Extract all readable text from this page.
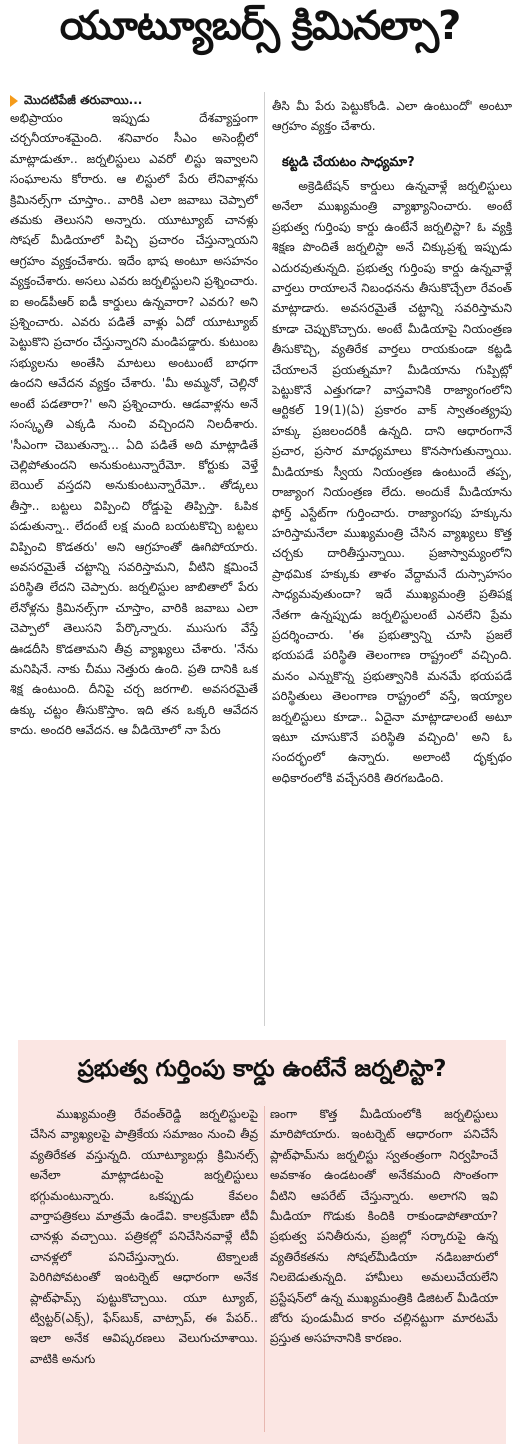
యూట్యూబర్స్ క్రిమినల్సా?
మొదటిపేజీ తరువాయి...

అభిప్రాయం ఇప్పుడు దేశవ్యాప్తంగా చర్చనీయాంశమైంది. శనివారం సీఎం అసెంబ్లీలో మాట్లాడుతూ.. జర్నలిస్టులు ఎవరో లిస్టు ఇవ్వాలని సంఘాలను కోరారు. ఆ లిస్టులో పేరు లేనివాళ్లను క్రిమినల్స్‌గా చూస్తాం.. వారికి ఎలా జవాబు చెప్పాలో తమకు తెలుసని అన్నారు. యూట్యూబ్ చానళ్లు సోషల్ మీడియాలో పిచ్చి ప్రచారం చేస్తున్నాయని ఆగ్రహం వ్యక్తంచేశారు. ఇదేం భాష అంటూ అసహనం వ్యక్తంచేశారు. అసలు ఎవరు జర్నలిస్టులని ప్రశ్నించారు. ఐ అండ్‌పీఆర్ ఐడీ కార్డులు ఉన్నవారా? ఎవరు? అని ప్రశ్నించారు. ఎవరు పడితే వాళ్లు ఏదో యూట్యూబ్ పెట్టుకొని ప్రచారం చేస్తున్నారని మండిపడ్డారు. కుటుంబ సభ్యులను అంతేసి మాటలు అంటుంటే బాధగా ఉందని ఆవేదన వ్యక్తం చేశారు. 'మీ అమ్మనో, చెల్లినో అంటే పడతారా?' అని ప్రశ్నించారు. ఆడవాళ్లను అనే సంస్కృతి ఎక్కడి నుంచి వచ్చిందని నిలదీశారు. 'సీఎంగా చెబుతున్నా... ఏది పడితే అది మాట్లాడితే చెల్లిపోతుందని అనుకుంటున్నారేమో. కోర్టుకు వెళ్తే బెయిల్ వస్తదని అనుకుంటున్నారేమో.. తోడ్కలు తీస్తా.. బట్టలు విప్పించి రోడ్డుపై తిప్పిస్తా. ఓపిక పడుతున్నా.. లేదంటే లక్ష మంది బయటకొచ్చి బట్టలు విప్పించి కొడతరు' అని ఆగ్రహంతో ఊగిపోయారు. అవసరమైతే చట్టాన్ని సవరిస్తామని, వీటిని క్షమించే పరిస్థితి లేదని చెప్పారు. జర్నలిస్టుల జాబితాలో పేరు లేనోళ్లను క్రిమినల్స్‌గా చూస్తాం, వారికి జవాబు ఎలా చెప్పాలో తెలుసని పేర్కొన్నారు. ముసుగు వేస్తే ఊడదీసి కొడతామని తీవ్ర వ్యాఖ్యలు చేశారు. 'నేను మనిషినే. నాకు చీము నెత్తురు ఉంది. ప్రతి దానికి ఒక శిక్ష ఉంటుంది. దీనిపై చర్చ జరగాలి. అవసరమైతే ఉక్కు చట్టం తీసుకొస్తాం. ఇది తన ఒక్కరి ఆవేదన కాదు. అందరి ఆవేదన. ఆ వీడియోలో నా పేరు

తీసి మీ పేరు పెట్టుకోండి. ఎలా ఉంటుందో' అంటూ ఆగ్రహం వ్యక్తం చేశారు.

కట్టడి చేయటం సాధ్యమా?

అక్రెడిటేషన్ కార్డులు ఉన్నవాళ్లే జర్నలిస్టులు అనేలా ముఖ్యమంత్రి వ్యాఖ్యానించారు. అంటే ప్రభుత్వ గుర్తింపు కార్డు ఉంటేనే జర్నలిస్టా? ఓ వ్యక్తి శిక్షణ పొందితే జర్నలిస్టా అనే చిక్కుప్రశ్న ఇప్పుడు ఎదురవుతున్నది. ప్రభుత్వ గుర్తింపు కార్డు ఉన్నవాళ్లే వార్తలు రాయాలనే నిబంధనను తీసుకొచ్చేలా రేవంత్ మాట్లాడారు. అవసరమైతే చట్టాన్ని సవరిస్తామని కూడా చెప్పుకొచ్చారు. అంటే మీడియాపై నియంత్రణ తీసుకొచ్చి, వ్యతిరేక వార్తలు రాయకుండా కట్టడి చేయాలనే ప్రయత్నమా? మీడియాను గుప్పిట్లో పెట్టుకొనే ఎత్తుగడా? వాస్తవానికి రాజ్యాంగంలోని ఆర్టికల్ 19(1)(ఏ) ప్రకారం వాక్ స్వాతంత్య్రపు హక్కు ప్రజలందరికీ ఉన్నది. దాని ఆధారంగానే ప్రచార, ప్రసార మాధ్యమాలు కొనసాగుతున్నాయి. మీడియాకు స్వీయ నియంత్రణ ఉంటుందే తప్ప, రాజ్యాంగ నియంత్రణ లేదు. అందుకే మీడియాను ఫోర్త్ ఎస్టేట్‌గా గుర్తించారు. రాజ్యాంగపు హక్కును హరిస్తామనేలా ముఖ్యమంత్రి చేసిన వ్యాఖ్యలు కొత్త చర్చకు దారితీస్తున్నాయి. ప్రజాస్వామ్యంలోని ప్రాథమిక హక్కుకు తాళం వేద్దామనే దుస్సాహసం సాధ్యమవుతుందా? ఇదే ముఖ్యమంత్రి ప్రతిపక్ష నేతగా ఉన్నప్పుడు జర్నలిస్టులంటే ఎనలేని ప్రేమ ప్రదర్శించారు. 'ఈ ప్రభుత్వాన్ని చూసి ప్రజలే భయపడే పరిస్థితి తెలంగాణ రాష్ట్రంలో వచ్చింది. మనం ఎన్నుకొన్న ప్రభుత్వానికి మనమే భయపడే పరిస్థితులు తెలంగాణ రాష్ట్రంలో వస్తే, ఇయ్యాల జర్నలిస్టులు కూడా.. ఏదైనా మాట్లాడాలంటే అటూ ఇటూ చూసుకొనే పరిస్థితి వచ్చింది' అని ఓ సందర్భంలో ఉన్నారు. అలాంటి దృక్పథం అధికారంలోకి వచ్చేసరికి తిరగబడింది.

ప్రభుత్వ గుర్తింపు కార్డు ఉంటేనే జర్నలిస్టా?

ముఖ్యమంత్రి రేవంత్‌రెడ్డి జర్నలిస్టులపై చేసిన వ్యాఖ్యలపై పాత్రికేయ సమాజం నుంచి తీవ్ర వ్యతిరేకత వస్తున్నది. యూట్యూబర్లు క్రిమినల్స్ అనేలా మాట్లాడటంపై జర్నలిస్టులు భగ్గుమంటున్నారు. ఒకప్పుడు కేవలం వార్తాపత్రికలు మాత్రమే ఉండేవి. కాలక్రమేణా టీవీ చానళ్లు వచ్చాయి. పత్రికల్లో పనిచేసినవాళ్లే టీవీ చానళ్లలో పనిచేస్తున్నారు. టెక్నాలజీ పెరిగిపోవటంతో ఇంటర్నెట్ ఆధారంగా అనేక ప్లాట్‌ఫామ్స్ పుట్టుకొచ్చాయి. యూ ట్యూబ్, ట్విట్టర్(ఎక్స్), ఫేస్‌బుక్, వాట్సాప్, ఈ పేపర్.. ఇలా అనేక ఆవిష్కరణలు వెలుగుచూశాయి. వాటికి అనుగు

ణంగా కొత్త మీడియంలోకి జర్నలిస్టులు మారిపోయారు. ఇంటర్నెట్ ఆధారంగా పనిచేసే ప్లాట్‌ఫామ్‌ను జర్నలిస్టు స్వతంత్రంగా నిర్వహించే అవకాశం ఉండటంతో అనేకమంది సొంతంగా వీటిని ఆపరేట్ చేస్తున్నారు. అలాగని ఇవి మీడియా గొడుకు కిందికి రాకుండాపోతాయా? ప్రభుత్వ పనితీరును, ప్రజల్లో సర్కారుపై ఉన్న వ్యతిరేకతను సోషల్‌మీడియా నడిబజారులో నిలబెడుతున్నది. హామీలు అమలుచేయలేని ప్రస్టేషన్‌లో ఉన్న ముఖ్యమంత్రికి డిజిటల్ మీడియా జోరు పుండుమీద కారం చల్లినట్టుగా మారటమే ప్రస్తుత అసహనానికి కారణం.
